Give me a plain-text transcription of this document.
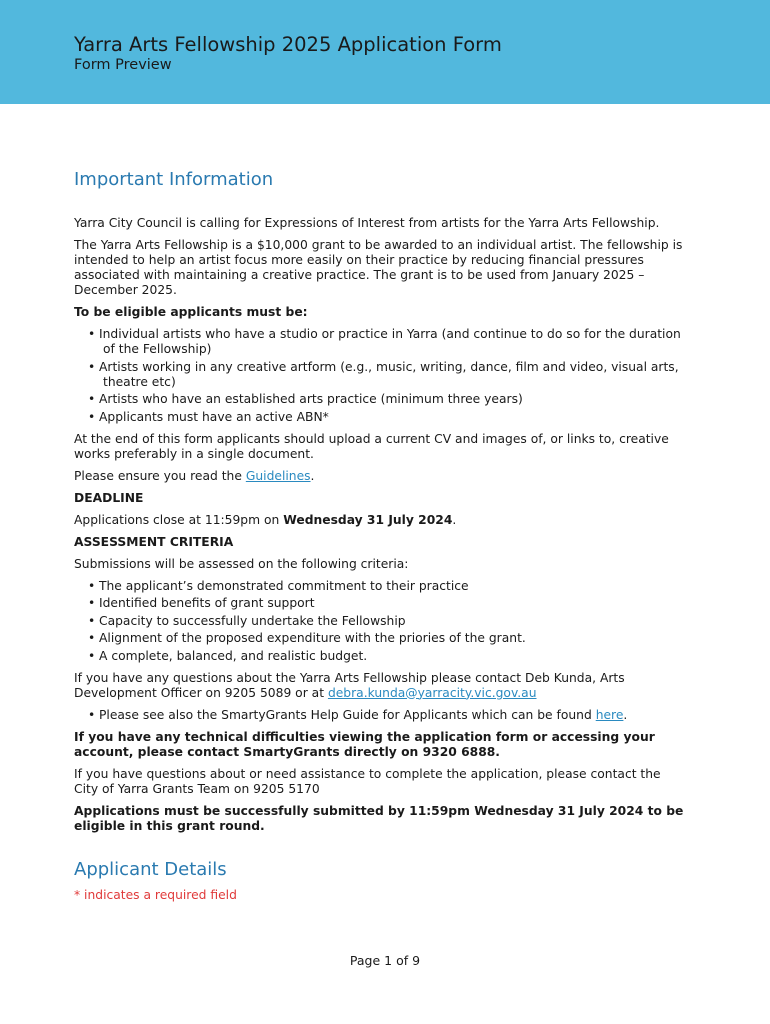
Yarra Arts Fellowship 2025 Application Form
Form Preview
Important Information

Yarra City Council is calling for Expressions of Interest from artists for the Yarra Arts Fellowship.

The Yarra Arts Fellowship is a $10,000 grant to be awarded to an individual artist. The fellowship is intended to help an artist focus more easily on their practice by reducing financial pressures associated with maintaining a creative practice. The grant is to be used from January 2025 – December 2025.

To be eligible applicants must be:

• Individual artists who have a studio or practice in Yarra (and continue to do so for the duration of the Fellowship)
• Artists working in any creative artform (e.g., music, writing, dance, film and video, visual arts, theatre etc)
• Artists who have an established arts practice (minimum three years)
• Applicants must have an active ABN*

At the end of this form applicants should upload a current CV and images of, or links to, creative works preferably in a single document.

Please ensure you read the Guidelines.

DEADLINE

Applications close at 11:59pm on Wednesday 31 July 2024.

ASSESSMENT CRITERIA

Submissions will be assessed on the following criteria:

• The applicant’s demonstrated commitment to their practice
• Identified benefits of grant support
• Capacity to successfully undertake the Fellowship
• Alignment of the proposed expenditure with the priories of the grant.
• A complete, balanced, and realistic budget.

If you have any questions about the Yarra Arts Fellowship please contact Deb Kunda, Arts Development Officer on 9205 5089 or at debra.kunda@yarracity.vic.gov.au

• Please see also the SmartyGrants Help Guide for Applicants which can be found here.

If you have any technical difficulties viewing the application form or accessing your account, please contact SmartyGrants directly on 9320 6888.

If you have questions about or need assistance to complete the application, please contact the City of Yarra Grants Team on 9205 5170

Applications must be successfully submitted by 11:59pm Wednesday 31 July 2024 to be eligible in this grant round.

Applicant Details

* indicates a required field

Page 1 of 9
